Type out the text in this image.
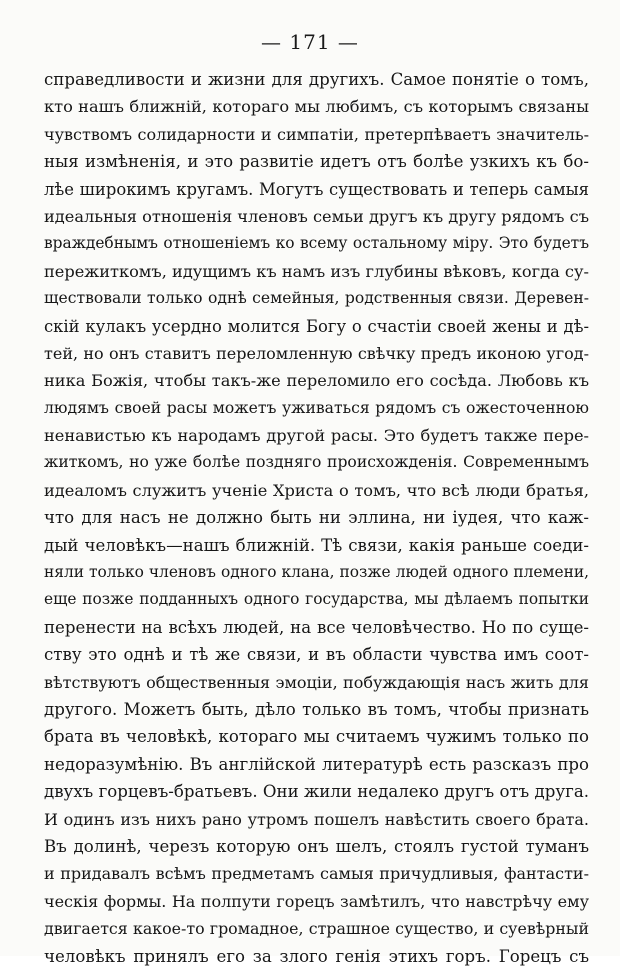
— 171 —
справедливости и жизни для другихъ. Самое понятіе о томъ,
кто нашъ ближній, котораго мы любимъ, съ которымъ связаны
чувствомъ солидарности и симпатіи, претерпѣваетъ значитель-
ныя измѣненія, и это развитіе идетъ отъ болѣе узкихъ къ бо-
лѣе широкимъ кругамъ. Могутъ существовать и теперь самыя
идеальныя отношенія членовъ семьи другъ къ другу рядомъ съ
враждебнымъ отношеніемъ ко всему остальному міру. Это будетъ
пережиткомъ, идущимъ къ намъ изъ глубины вѣковъ, когда су-
ществовали только однѣ семейныя, родственныя связи. Деревен-
скій кулакъ усердно молится Богу о счастіи своей жены и дѣ-
тей, но онъ ставитъ переломленную свѣчку предъ иконою угод-
ника Божія, чтобы такъ-же переломило его сосѣда. Любовь къ
людямъ своей расы можетъ уживаться рядомъ съ ожесточенною
ненавистью къ народамъ другой расы. Это будетъ также пере-
житкомъ, но уже болѣе поздняго происхожденія. Современнымъ
идеаломъ служитъ ученіе Христа о томъ, что всѣ люди братья,
что для насъ не должно быть ни эллина, ни іудея, что каж-
дый человѣкъ—нашъ ближній. Тѣ связи, какія раньше соеди-
няли только членовъ одного клана, позже людей одного племени,
еще позже подданныхъ одного государства, мы дѣлаемъ попытки
перенести на всѣхъ людей, на все человѣчество. Но по суще-
ству это однѣ и тѣ же связи, и въ области чувства имъ соот-
вѣтствуютъ общественныя эмоціи, побуждающія насъ жить для
другого. Можетъ быть, дѣло только въ томъ, чтобы признать
брата въ человѣкѣ, котораго мы считаемъ чужимъ только по
недоразумѣнію. Въ англійской литературѣ есть разсказъ про
двухъ горцевъ-братьевъ. Они жили недалеко другъ отъ друга.
И одинъ изъ нихъ рано утромъ пошелъ навѣстить своего брата.
Въ долинѣ, черезъ которую онъ шелъ, стоялъ густой туманъ
и придавалъ всѣмъ предметамъ самыя причудливыя, фантасти-
ческія формы. На полпути горецъ замѣтилъ, что навстрѣчу ему
двигается какое-то громадное, страшное существо, и суевѣрный
человѣкъ принялъ его за злого генія этихъ горъ. Горецъ съ
